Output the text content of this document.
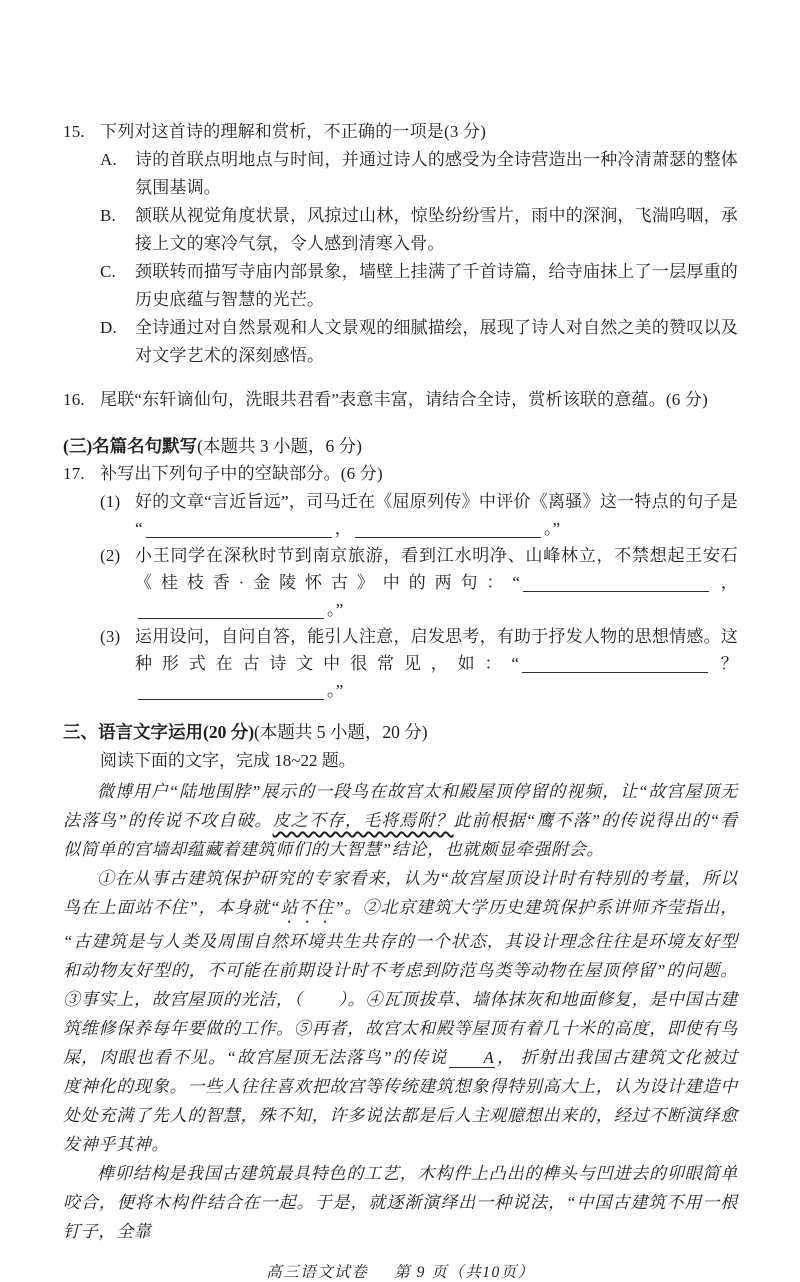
15. 下列对这首诗的理解和赏析，不正确的一项是(3 分)
A.	诗的首联点明地点与时间，并通过诗人的感受为全诗营造出一种冷清萧瑟的整体氛围基调。
B.	颔联从视觉角度状景，风掠过山林，惊坠纷纷雪片，雨中的深涧，飞湍呜咽，承接上文的寒冷气氛，令人感到清寒入骨。
C.	颈联转而描写寺庙内部景象，墙壁上挂满了千首诗篇，给寺庙抹上了一层厚重的历史底蕴与智慧的光芒。
D.	全诗通过对自然景观和人文景观的细腻描绘，展现了诗人对自然之美的赞叹以及对文学艺术的深刻感悟。
16. 尾联“东轩谪仙句，洗眼共君看”表意丰富，请结合全诗，赏析该联的意蕴。(6 分)
(三)名篇名句默写(本题共 3 小题，6 分)
17. 补写出下列句子中的空缺部分。(6 分)
(1) 好的文章“言近旨远”，司马迁在《屈原列传》中评价《离骚》这一特点的句子是“	，	。”
(2) 小王同学在深秋时节到南京旅游，看到江水明净、山峰林立，不禁想起王安石 《桂枝香·金陵怀古》中的两句：“	，。”
(3) 运用设问，自问自答，能引人注意，启发思考，有助于抒发人物的思想情感。这种形式在古诗文中很常见，如：“	？。”
三、语言文字运用(20 分)(本题共 5 小题，20 分)
阅读下面的文字，完成 18~22 题。

微博用户“陆地围脖”展示的一段鸟在故宫太和殿屋顶停留的视频，让“故宫屋顶无法落鸟”的传说不攻自破。皮之不存，毛将焉附？此前根据“鹰不落”的传说得出的“看似简单的宫墙却蕴藏着建筑师们的大智慧”结论，也就颇显牵强附会。

①在从事古建筑保护研究的专家看来，认为“故宫屋顶设计时有特别的考量，所以鸟在上面站不住”，本身就“站不住”。②北京建筑大学历史建筑保护系讲师齐莹指出，“古建筑是与人类及周围自然环境共生共存的一个状态，其设计理念往往是环境友好型和动物友好型的，不可能在前期设计时不考虑到防范鸟类等动物在屋顶停留”的问题。③事实上，故宫屋顶的光洁，（　　）。④瓦顶拔草、墙体抹灰和地面修复，是中国古建筑维修保养每年要做的工作。⑤再者，故宫太和殿等屋顶有着几十米的高度，即使有鸟屎，肉眼也看不见。“故宫屋顶无法落鸟”的传说 A ， 折射出我国古建筑文化被过度神化的现象。一些人往往喜欢把故宫等传统建筑想象得特别高大上，认为设计建造中处处充满了先人的智慧，殊不知，许多说法都是后人主观臆想出来的，经过不断演绎愈发神乎其神。

榫卯结构是我国古建筑最具特色的工艺，木构件上凸出的榫头与凹进去的卯眼简单咬合，便将木构件结合在一起。于是，就逐渐演绎出一种说法，“中国古建筑不用一根钉子，全靠

高三语文试卷 第 9 页（共10页）
